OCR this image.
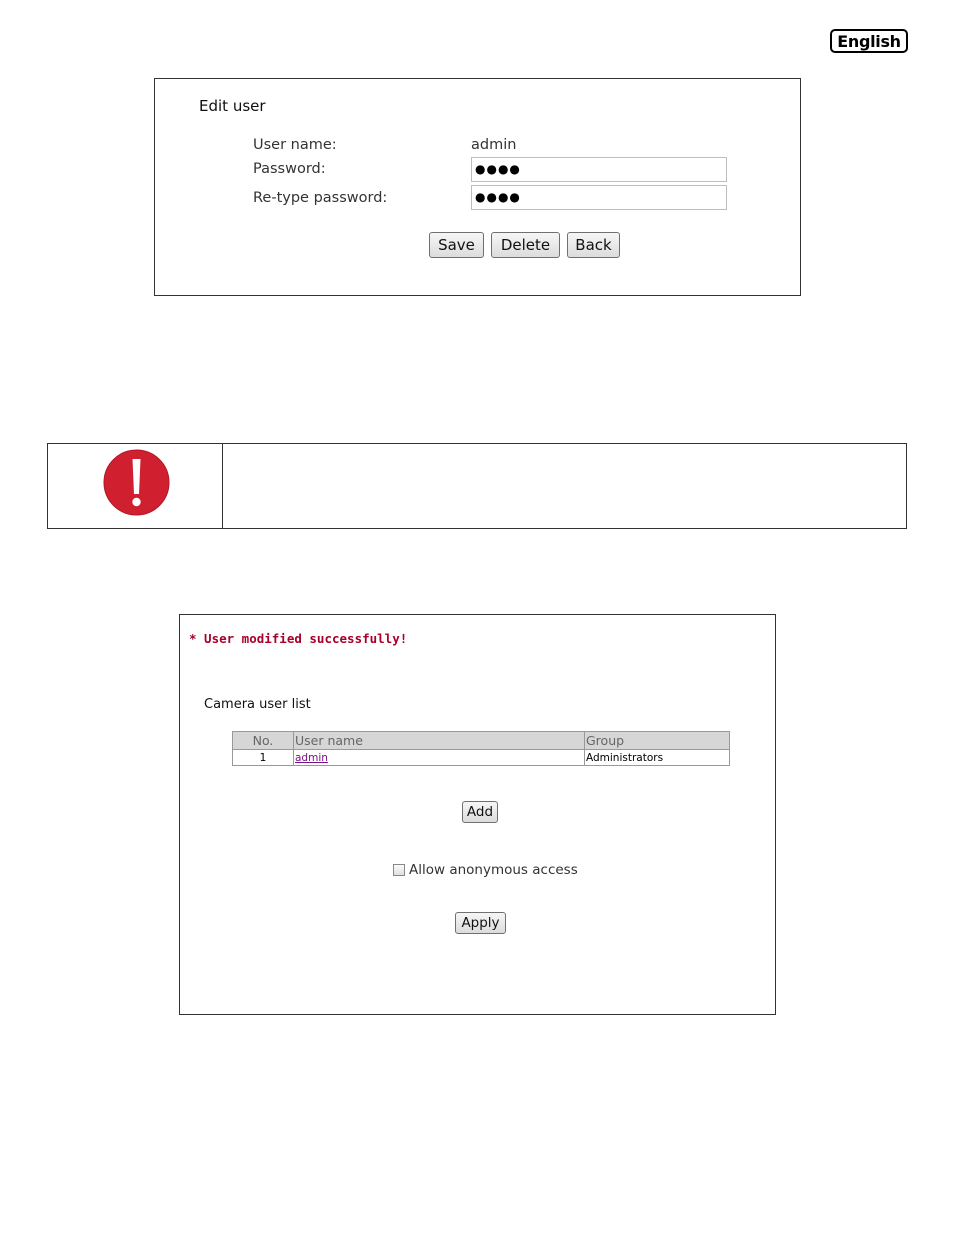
English
Edit user
User name:	admin
Password:	●●●●
Re-type password:	●●●●
Save	Delete	Back
* User modified successfully!
Camera user list
No.	User name	Group
1	admin	Administrators
Add
Allow anonymous access
Apply
